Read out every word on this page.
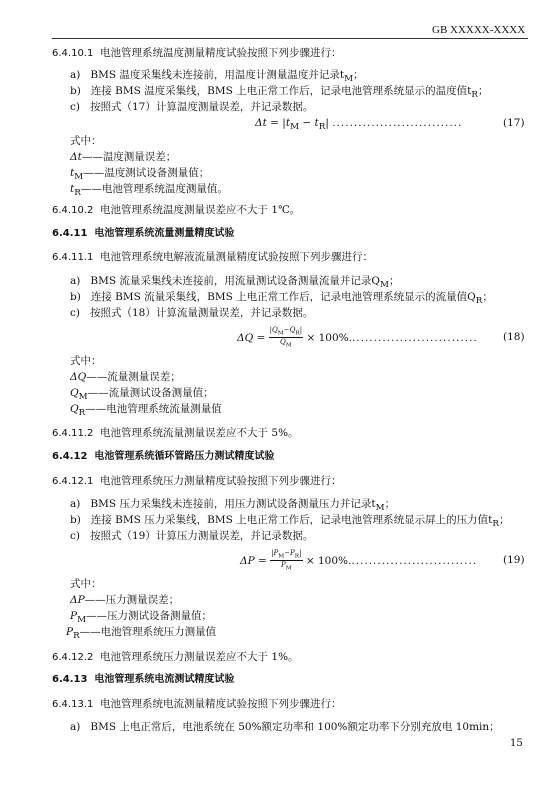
GB XXXXX-XXXX
6.4.10.1 电池管理系统温度测量精度试验按照下列步骤进行：
a) BMS 温度采集线未连接前，用温度计测量温度并记录$t_M$；
b) 连接 BMS 温度采集线，BMS 上电正常工作后，记录电池管理系统显示的温度值$t_R$；
c) 按照式（17）计算温度测量误差，并记录数据。
$\Delta t = |t_M - t_R|$ ..............................	(17)
式中：
Δt——温度测量误差；
$t_M——$温度测试设备测量值；
$t_R——$电池管理系统温度测量值。
6.4.10.2 电池管理系统温度测量误差应不大于 1℃。
6.4.11 电池管理系统流量测量精度试验
6.4.11.1 电池管理系统电解液流量测量精度试验按照下列步骤进行：
a) BMS 流量采集线未连接前，用流量测试设备测量流量并记录$Q_M$；
b) 连接 BMS 流量采集线，BMS 上电正常工作后，记录电池管理系统显示的流量值$Q_R$；
c) 按照式（18）计算流量测量误差，并记录数据。
$\Delta Q = \frac{|Q_M-Q_R|}{Q_M} \times 100\%$.............................. (18)
式中：
ΔQ——流量测量误差；
$Q_M——$流量测试设备测量值；
$Q_R——$电池管理系统流量测量值
6.4.11.2 电池管理系统流量测量误差应不大于 5%。
6.4.12 电池管理系统循环管路压力测试精度试验
6.4.12.1 电池管理系统压力测量精度试验按照下列步骤进行：
a) BMS 压力采集线未连接前，用压力测试设备测量压力并记录$t_M$；
b) 连接 BMS 压力采集线，BMS 上电正常工作后，记录电池管理系统显示屏上的压力值$t_R$；
c) 按照式（19）计算压力测量误差，并记录数据。
$\Delta P = \frac{|P_M-P_R|}{P_M} \times 100\%$.............................. (19)
式中：
ΔP——压力测量误差；
$P_M——$压力测试设备测量值；
$P_R——$电池管理系统压力测量值
6.4.12.2 电池管理系统压力测量误差应不大于 1%。
6.4.13 电池管理系统电流测试精度试验
6.4.13.1 电池管理系统电流测量精度试验按照下列步骤进行：
a) BMS 上电正常后，电池系统在 50%额定功率和 100%额定功率下分别充放电 10min；
15
